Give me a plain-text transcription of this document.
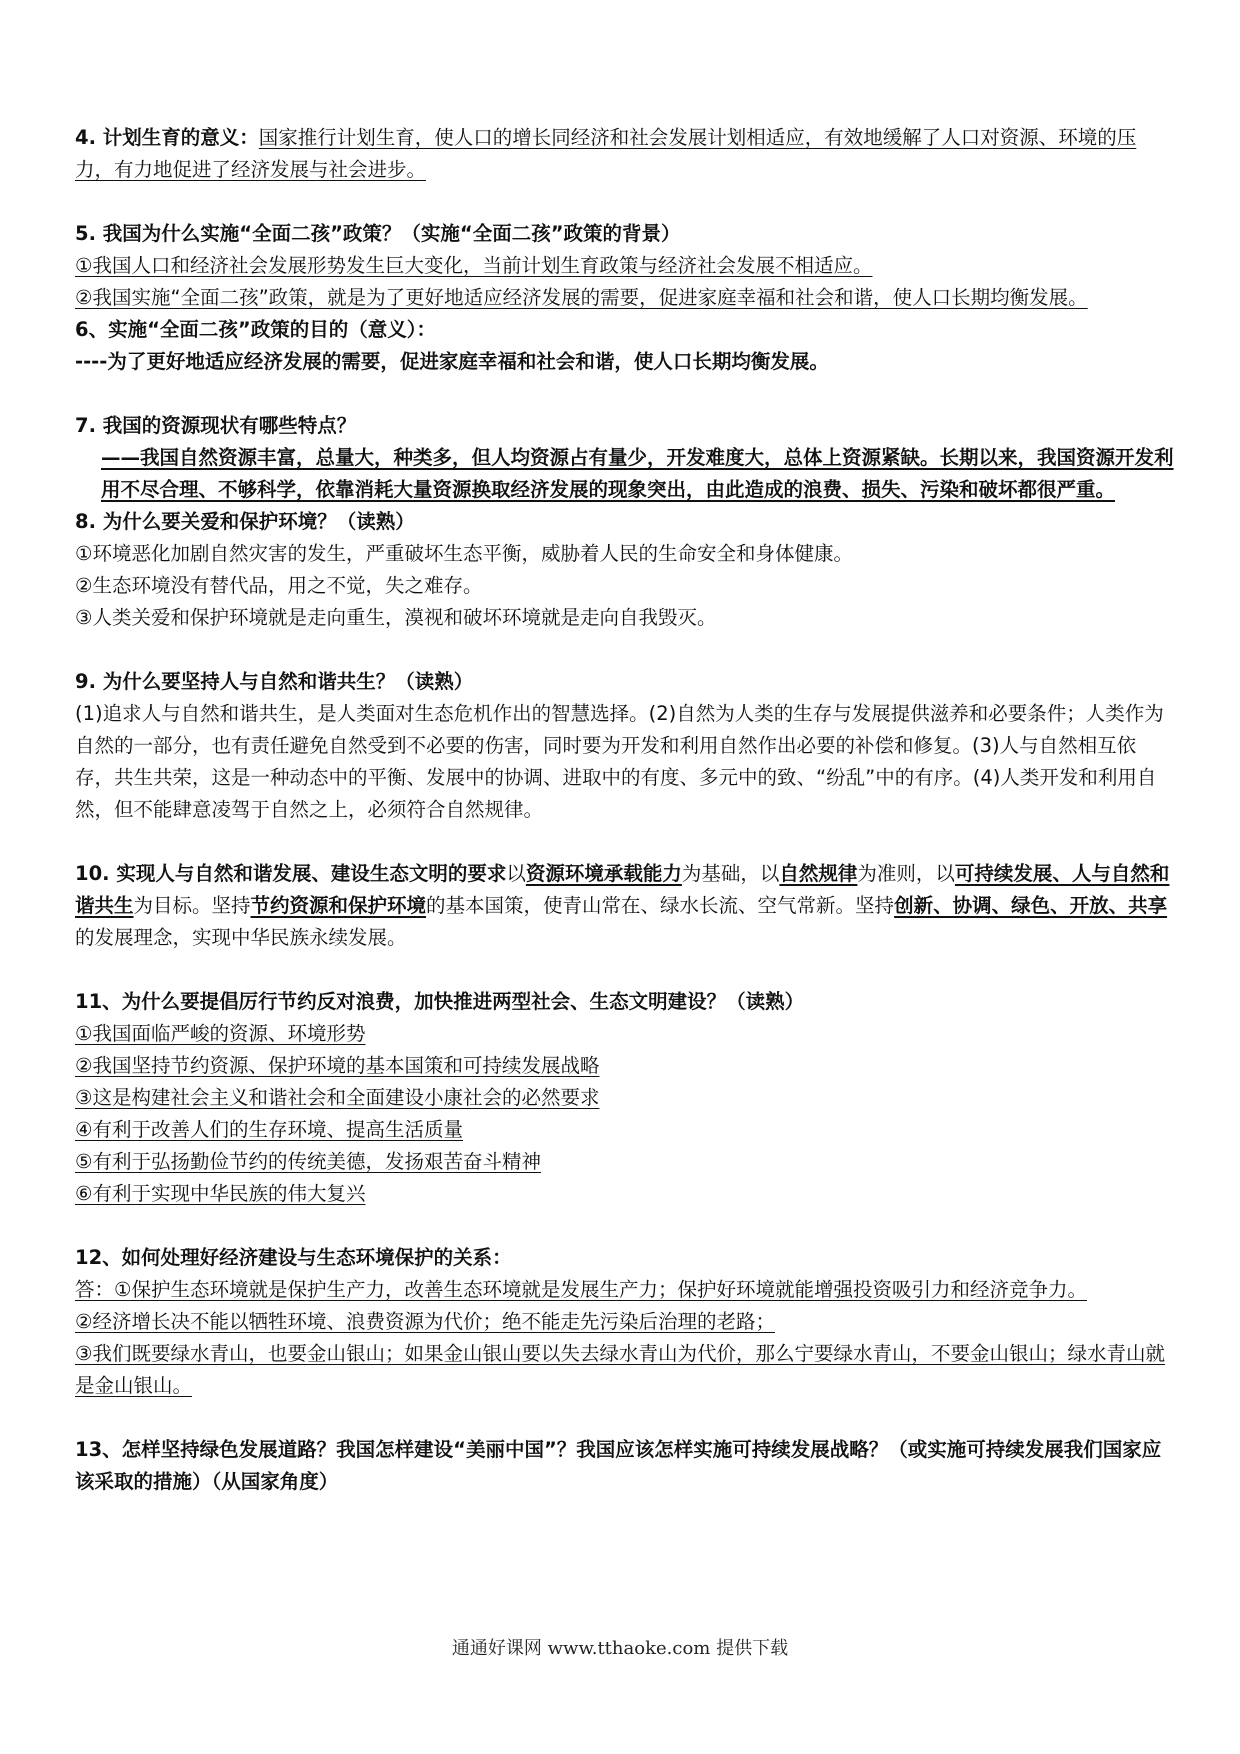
4. 计划生育的意义：国家推行计划生育，使人口的增长同经济和社会发展计划相适应，有效地缓解了人口对资源、环境的压力，有力地促进了经济发展与社会进步。

5. 我国为什么实施“全面二孩”政策？（实施“全面二孩”政策的背景）
①我国人口和经济社会发展形势发生巨大变化，当前计划生育政策与经济社会发展不相适应。
②我国实施“全面二孩”政策，就是为了更好地适应经济发展的需要，促进家庭幸福和社会和谐，使人口长期均衡发展。
6、实施“全面二孩”政策的目的（意义）：
----为了更好地适应经济发展的需要，促进家庭幸福和社会和谐，使人口长期均衡发展。
7. 我国的资源现状有哪些特点？
——我国自然资源丰富，总量大，种类多，但人均资源占有量少，开发难度大，总体上资源紧缺。长期以来，我国资源开发利用不尽合理、不够科学，依靠消耗大量资源换取经济发展的现象突出，由此造成的浪费、损失、污染和破坏都很严重。
8. 为什么要关爱和保护环境？（读熟）
①环境恶化加剧自然灾害的发生，严重破坏生态平衡，威胁着人民的生命安全和身体健康。
②生态环境没有替代品，用之不觉，失之难存。
③人类关爱和保护环境就是走向重生，漠视和破坏环境就是走向自我毁灭。
9. 为什么要坚持人与自然和谐共生？（读熟）
(1)追求人与自然和谐共生，是人类面对生态危机作出的智慧选择。(2)自然为人类的生存与发展提供滋养和必要条件；人类作为自然的一部分，也有责任避免自然受到不必要的伤害，同时要为开发和利用自然作出必要的补偿和修复。(3)人与自然相互依存，共生共荣，这是一种动态中的平衡、发展中的协调、进取中的有度、多元中的致、“纷乱”中的有序。(4)人类开发和利用自然，但不能肆意凌驾于自然之上，必须符合自然规律。

10. 实现人与自然和谐发展、建设生态文明的要求以资源环境承载能力为基础，以自然规律为准则，以可持续发展、人与自然和谐共生为目标。坚持节约资源和保护环境的基本国策，使青山常在、绿水长流、空气常新。坚持创新、协调、绿色、开放、共享的发展理念，实现中华民族永续发展。

11、为什么要提倡厉行节约反对浪费，加快推进两型社会、生态文明建设？（读熟）
①我国面临严峻的资源、环境形势
②我国坚持节约资源、保护环境的基本国策和可持续发展战略
③这是构建社会主义和谐社会和全面建设小康社会的必然要求
④有利于改善人们的生存环境、提高生活质量
⑤有利于弘扬勤俭节约的传统美德，发扬艰苦奋斗精神
⑥有利于实现中华民族的伟大复兴
12、如何处理好经济建设与生态环境保护的关系：
答：①保护生态环境就是保护生产力，改善生态环境就是发展生产力；保护好环境就能增强投资吸引力和经济竞争力。
②经济增长决不能以牺牲环境、浪费资源为代价；绝不能走先污染后治理的老路；
③我们既要绿水青山，也要金山银山；如果金山银山要以失去绿水青山为代价，那么宁要绿水青山，不要金山银山；绿水青山就是金山银山。
13、怎样坚持绿色发展道路？我国怎样建设“美丽中国”？我国应该怎样实施可持续发展战略？（或实施可持续发展我们国家应该采取的措施）（从国家角度）
通通好课网 www.tthaoke.com 提供下载
